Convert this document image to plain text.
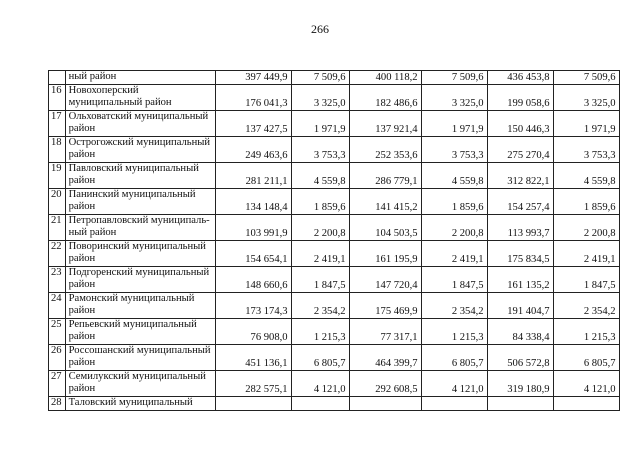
266
	ный район	397 449,9	7 509,6	400 118,2	7 509,6	436 453,8	7 509,6
16	Новохоперский муниципальный район	176 041,3	3 325,0	182 486,6	3 325,0	199 058,6	3 325,0
17	Ольховатский муниципальный район	137 427,5	1 971,9	137 921,4	1 971,9	150 446,3	1 971,9
18	Острогожский муниципальный район	249 463,6	3 753,3	252 353,6	3 753,3	275 270,4	3 753,3
19	Павловский муниципальный район	281 211,1	4 559,8	286 779,1	4 559,8	312 822,1	4 559,8
20	Панинский муниципальный район	134 148,4	1 859,6	141 415,2	1 859,6	154 257,4	1 859,6
21	Петропавловский муниципаль-ный район	103 991,9	2 200,8	104 503,5	2 200,8	113 993,7	2 200,8
22	Поворинский муниципальный район	154 654,1	2 419,1	161 195,9	2 419,1	175 834,5	2 419,1
23	Подгоренский муниципальный район	148 660,6	1 847,5	147 720,4	1 847,5	161 135,2	1 847,5
24	Рамонский муниципальный район	173 174,3	2 354,2	175 469,9	2 354,2	191 404,7	2 354,2
25	Репьевский муниципальный район	76 908,0	1 215,3	77 317,1	1 215,3	84 338,4	1 215,3
26	Россошанский муниципальный район	451 136,1	6 805,7	464 399,7	6 805,7	506 572,8	6 805,7
27	Семилукский муниципальный район	282 575,1	4 121,0	292 608,5	4 121,0	319 180,9	4 121,0
28	Таловский муниципальный						
